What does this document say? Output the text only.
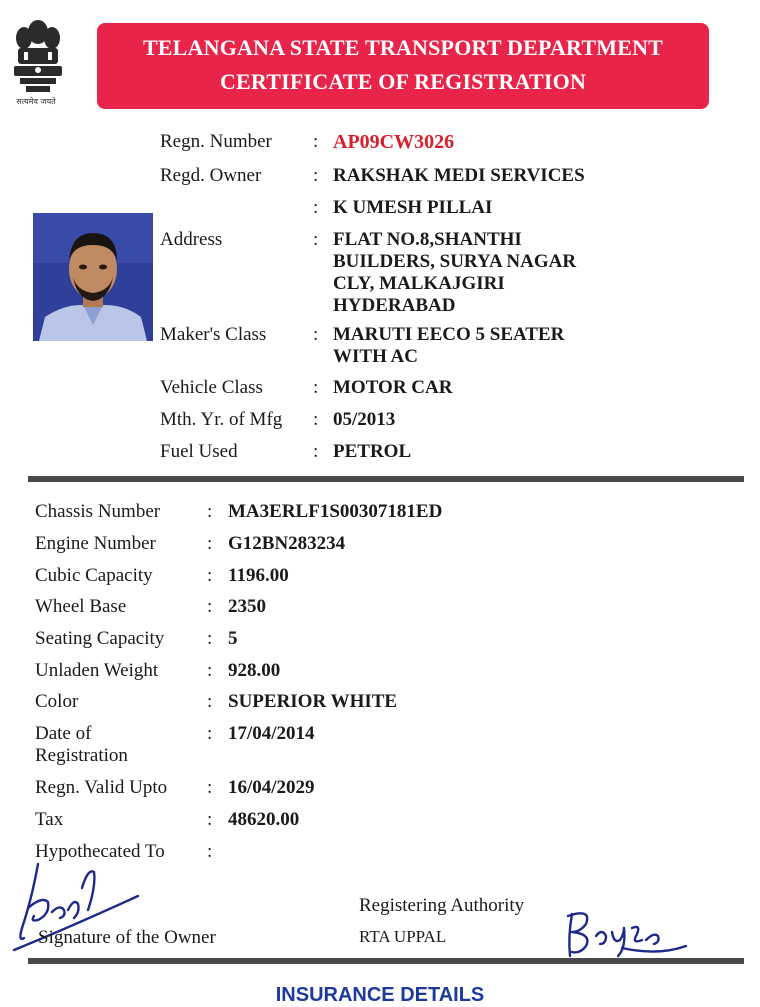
सत्यमेव जयते
TELANGANA STATE TRANSPORT DEPARTMENT
CERTIFICATE OF REGISTRATION
Regn. Number : AP09CW3026
Regd. Owner	: RAKSHAK MEDI SERVICES
: K UMESH PILLAI
Address	: FLAT NO.8,SHANTHI
BUILDERS, SURYA NAGAR
CLY, MALKAJGIRI
HYDERABAD
Maker's Class : MARUTI EECO 5 SEATER
WITH AC
Vehicle Class	: MOTOR CAR
Mth. Yr. of Mfg : 05/2013
Fuel Used	: PETROL
Chassis Number : MA3ERLF1S00307181ED
Engine Number	: G12BN283234
Cubic Capacity	: 1196.00
Wheel Base	: 2350
Seating Capacity : 5
Unladen Weight	: 928.00
Color	: SUPERIOR WHITE
Date of
Registration
: 17/04/2014
Regn. Valid Upto : 16/04/2029
Tax	: 48620.00
Hypothecated To :
Signature of the Owner
Registering Authority
RTA UPPAL
INSURANCE DETAILS
